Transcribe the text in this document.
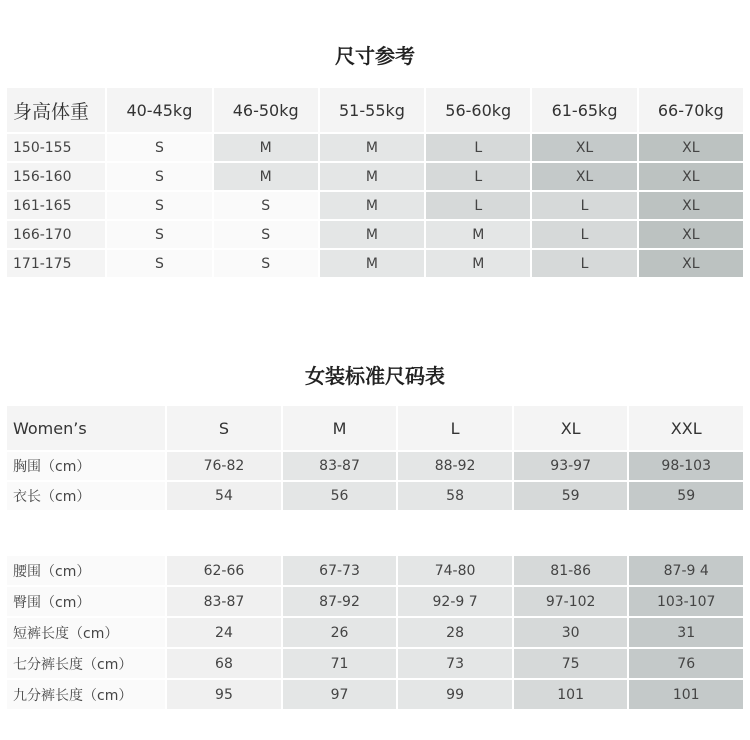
尺寸参考
身高体重	40-45kg	46-50kg	51-55kg	56-60kg	61-65kg	66-70kg

150-155	S	M	M	L	XL	XL

156-160	S	M	M	L	XL	XL

161-165	S	S	M	L	L	XL

166-170	S	S	M	M	L	XL

171-175	S	S	M	M	L	XL
女装标准尺码表
Women’s	S	M	L	XL	XXL

胸围（cm）	76-82	83-87	88-92	93-97	98-103

衣长（cm）	54	56	58	59	59
腰围（cm）	62-66	67-73	74-80	81-86	87-9 4

臀围（cm）	83-87	87-92	92-9 7	97-102	103-107

短裤长度（cm）	24	26	28	30	31

七分裤长度（cm）	68	71	73	75	76

九分裤长度（cm）	95	97	99	101	101
